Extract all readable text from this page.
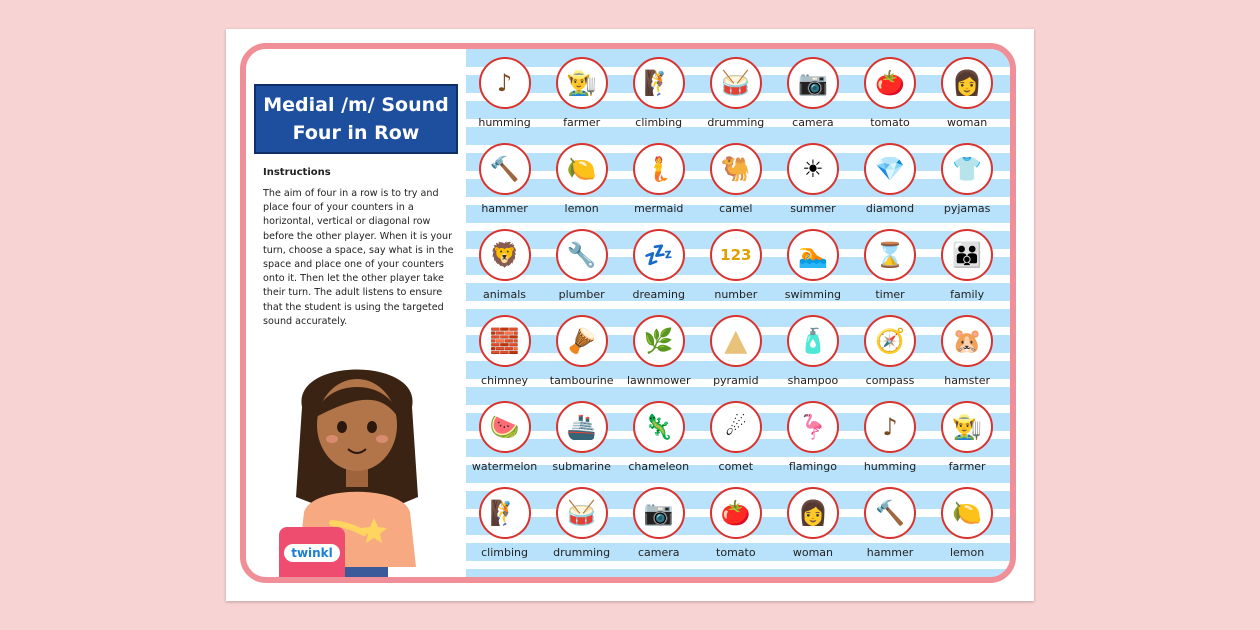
Medial /m/ Sound
Four in Row
Instructions
The aim of four in a row is to try and place four of your counters in a horizontal, vertical or diagonal row before the other player. When it is your turn, choose a space, say what is in the space and place one of your counters onto it. Then let the other player take their turn. The adult listens to ensure that the student is using the targeted sound accurately.
twinkl
♪
humming
👨‍🌾
farmer
🧗
climbing
🥁
drumming
📷
camera
🍅
tomato
👩
woman
🔨
hammer
🍋
lemon
🧜
mermaid
🐫
camel
☀
summer
💎
diamond
👕
pyjamas
🦁
animals
🔧
plumber
💤
dreaming
123
number
🏊
swimming
⌛
timer
👪
family
🧱
chimney
🪘
tambourine
🌿
lawnmower
▲
pyramid
🧴
shampoo
🧭
compass
🐹
hamster
🍉
watermelon
🚢
submarine
🦎
chameleon
☄
comet
🦩
flamingo
♪
humming
👨‍🌾
farmer
🧗
climbing
🥁
drumming
📷
camera
🍅
tomato
👩
woman
🔨
hammer
🍋
lemon
